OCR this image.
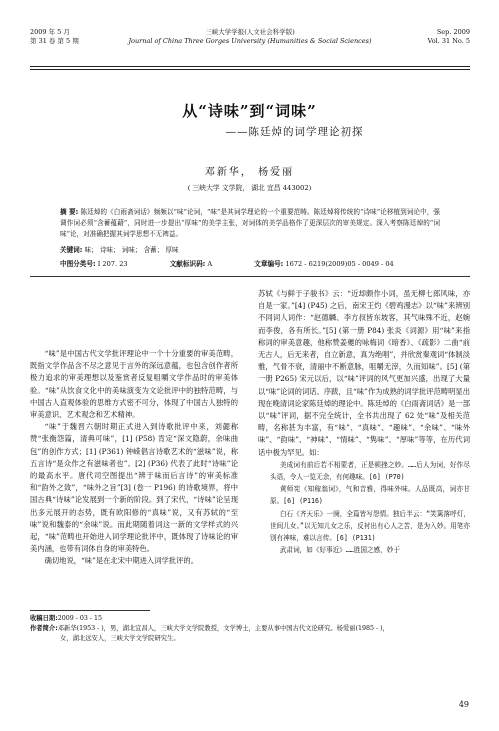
2009 年 5 月
第 31 卷 第 5 期
三峡大学学报(人文社会科学版)
Journal of China Three Gorges University (Humanities & Social Sciences)
Sep. 2009
Vol. 31 No. 5
从“诗味”到“词味”
——陈廷焯的词学理论初探
邓新华， 杨爱丽
( 三峡大学 文学院， 湖北 宜昌 443002)
摘 要: 陈廷焯的《白雨斋词话》频频以“味”论词，“味”是其词学理论的一个重要范畴。陈廷焯将传统的“诗味”论移植到词论中，强调作词必须“含蓄蕴藉”，同时进一步提出“厚味”的美学主张，对词体的美学品格作了更深层次的审美规定。深入考察陈廷焯的“词味”论，对准确把握其词学思想不无裨益。
关键词: 味； 诗味； 词味； 含蓄； 厚味
中图分类号: I 207. 23	文献标识码: A	文章编号: 1672 - 6219(2009)05 - 0049 - 04

“味”是中国古代文学批评理论中一个十分重要的审美范畴，既指文学作品含不尽之意见于言外的深远意蕴，也包含创作者所极力追求的审美理想以及鉴赏者反复咀嚼文学作品时的审美体验。“味”从饮食文化中的美味演变为文论批评中的独特范畴，与中国古人直观体验的思维方式密不可分，体现了中国古人独特的审美意识、艺术观念和艺术精神。

“味”于魏晋六朝时期正式进入到诗歌批评中来，刘勰称赞“张衡怨篇，清典可味”，[1] (P58) 肯定“深文隐蔚，余味曲包”的创作方式；[1] (P361) 钟嵘倡言诗歌艺术的“滋味”说，称五言诗“是众作之有滋味者也”。[2] (P36) 代表了此时“诗味”论的最高水平。唐代司空图提出“辨于味而后言诗”的审美标准和“韵外之致”，“味外之旨”[3] (卷一 P196) 的诗歌境界，将中国古典“诗味”论发展到一个新的阶段。到了宋代，“诗味”论呈现出多元展开的态势，既有欧阳修的“真味”说，又有苏轼的“至味”说和魏泰的“余味”说。而此期随着词这一新的文学样式的兴起，“味”范畴也开始进入词学理论批评中，既体现了诗味论的审美内涵，也带有词体自身的审美特色。

确切地说，“味”是在北宋中期进入词学批评的。

苏轼《与鲜于子骏书》云：“近却颇作小词，虽无柳七郎风味，亦自是一家。”[4] (P45) 之后，南宋王灼《碧鸡漫志》以“味”来辨别不同词人词作：“赵德麟、李方叔皆东坡客，其气味殊不近，赵婉而李俊，各有所长。”[5] (第一册 P84) 张炎《词源》用“味”来指称词的审美意趣，他称赞姜夔的咏梅词《暗香》、《疏影》二曲“前无古人，后无来者，自立新意，真为绝唱”，并欣赏秦观词“体制淡雅，气骨不衰，清丽中不断意脉，咀嚼无滓，久而知味”。[5] (第一册 P265) 宋元以后，以“味”评词的风气更加兴盛，出现了大量以“味”论词的词话、序跋，且“味”作为成熟的词学批评范畴明显出现在晚清词论家陈廷焯的理论中。陈廷焯的《白雨斋词话》是一部以“味”评词，据不完全统计，全书共出现了 62 处“味”及相关范畴，名称甚为丰富，有“味”、“真味”、“趣味”、“余味”、“味外味”、“韵味”、“神味”、“情味”、“隽味”、“厚味”等等，在历代词话中极为罕见。如：

美成词有前后若不相蒙者，正是顿挫之妙。……后人为词，好作尽头语，令人一览无余，有何趣味。[6] (P70)

黄师宪《知稼翁词》，气和音雅，得味外味。人品既高，词亦甘原。[6] (P116)

白石《齐天乐》一阕，全篇皆写怨情。独后半云：“笑篱落呼灯，世间儿女。”以无知儿女之乐，反衬出有心人之苦，是为入妙。用笔亦别有神味，难以言传。[6] (P131)

武肃词，如《好事近》……胜国之感，妙于

收稿日期:2009 - 03 - 15
作者简介:邓新华(1953 - )，男，湖北宜昌人，三峡大学文学院教授，文学博士，主要从事中国古代文论研究。杨爱丽(1985 - )，
女，湖北远安人，三峡大学文学院研究生。
49
